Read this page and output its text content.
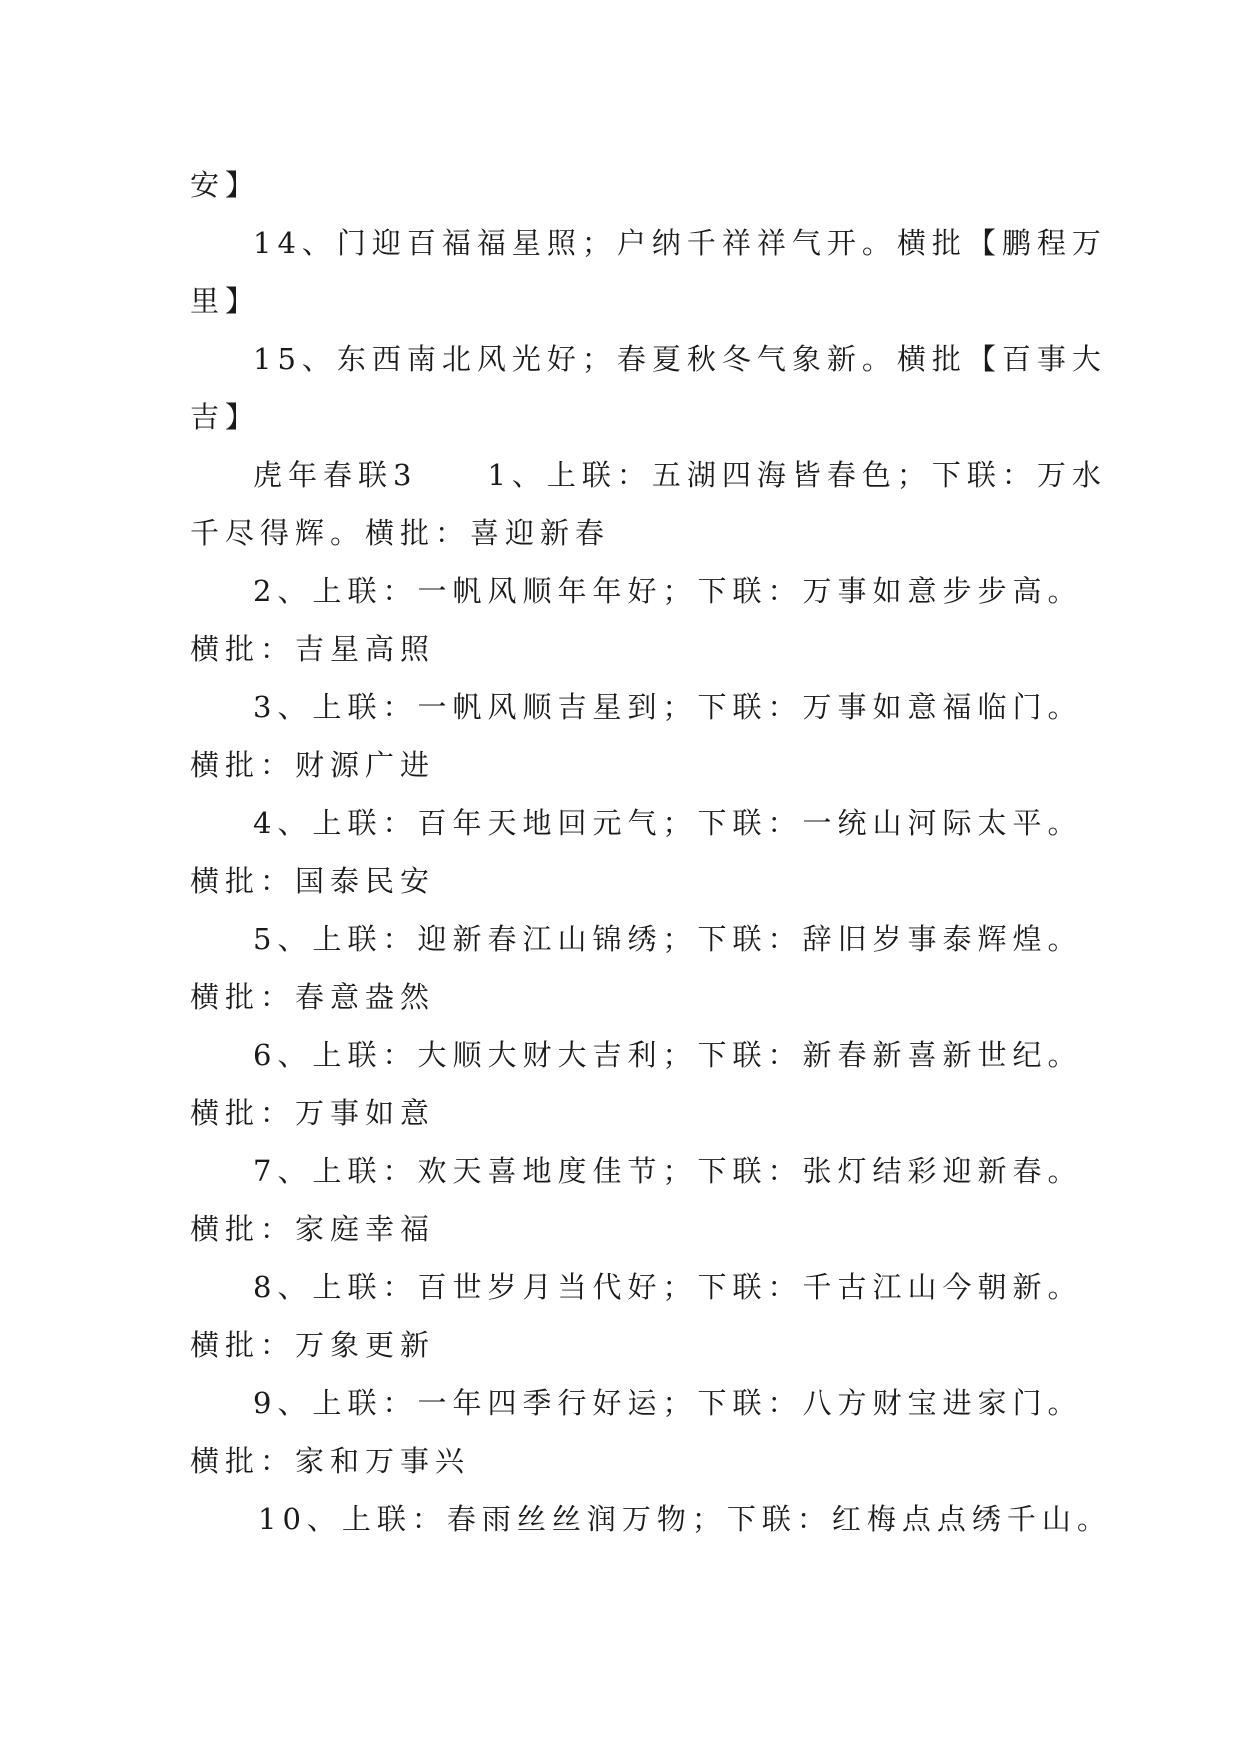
安】
14、门迎百福福星照；户纳千祥祥气开。横批【鹏程万
里】
15、东西南北风光好；春夏秋冬气象新。横批【百事大
吉】
虎年春联3　　1、上联：五湖四海皆春色；下联：万水
千尽得辉。横批：喜迎新春
2、上联：一帆风顺年年好；下联：万事如意步步高。
横批：吉星高照
3、上联：一帆风顺吉星到；下联：万事如意福临门。
横批：财源广进
4、上联：百年天地回元气；下联：一统山河际太平。
横批：国泰民安
5、上联：迎新春江山锦绣；下联：辞旧岁事泰辉煌。
横批：春意盎然
6、上联：大顺大财大吉利；下联：新春新喜新世纪。
横批：万事如意
7、上联：欢天喜地度佳节；下联：张灯结彩迎新春。
横批：家庭幸福
8、上联：百世岁月当代好；下联：千古江山今朝新。
横批：万象更新
9、上联：一年四季行好运；下联：八方财宝进家门。
横批：家和万事兴
10、上联：春雨丝丝润万物；下联：红梅点点绣千山。
